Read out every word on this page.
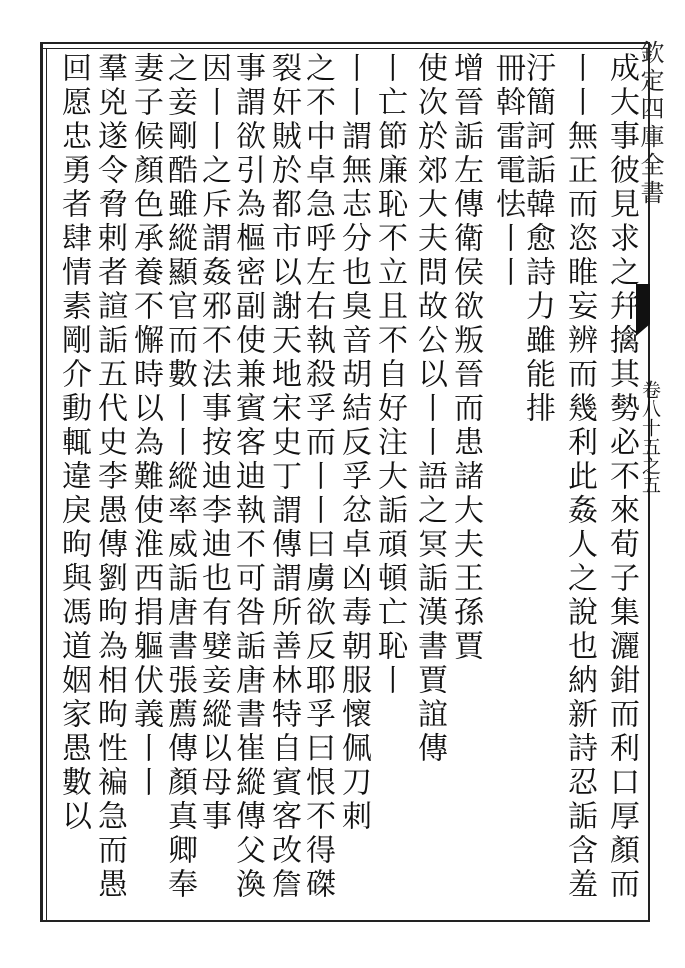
欽定四庫全書
卷八十五之五
成大事彼見求之幷擒其勢必不來荀子集灑鉗而利口厚顏而
丨丨無正而恣睢妄辨而幾利此姦人之說也納新詩忍詬含羞
汙簡訶詬韓愈詩力雖能排
冊斡雷電怯丨丨
增晉詬左傳衛侯欲叛晉而患諸大夫王孫賈
使次於郊大夫問故公以丨丨語之冥詬漢書賈誼傳
丨亡節廉恥不立且不自好注大詬頑頓亡恥丨
丨丨謂無志分也臭音胡結反孚忿卓凶毒朝服懷佩刀刺
之不中卓急呼左右執殺孚而丨丨曰虜欲反耶孚曰恨不得磔
裂奸賊於都市以謝天地宋史丁謂傳謂所善林特自賓客改詹
事謂欲引為樞密副使兼賓客迪執不可咎詬唐書崔縱傳父渙
因丨丨之斥謂姦邪不法事按迪李迪也有嬖妾縱以母事
之妾剛酷雖縱顯官而數丨丨縱率威詬唐書張薦傳顏真卿奉
妻子候顏色承養不懈時以為難使淮西捐軀伏義丨丨
羣兇遂令脅剌者諠詬五代史李愚傳劉昫為相昫性褊急而愚
回愿忠勇者肆情素剛介動輒違戾昫與馮道姻家愚數以
